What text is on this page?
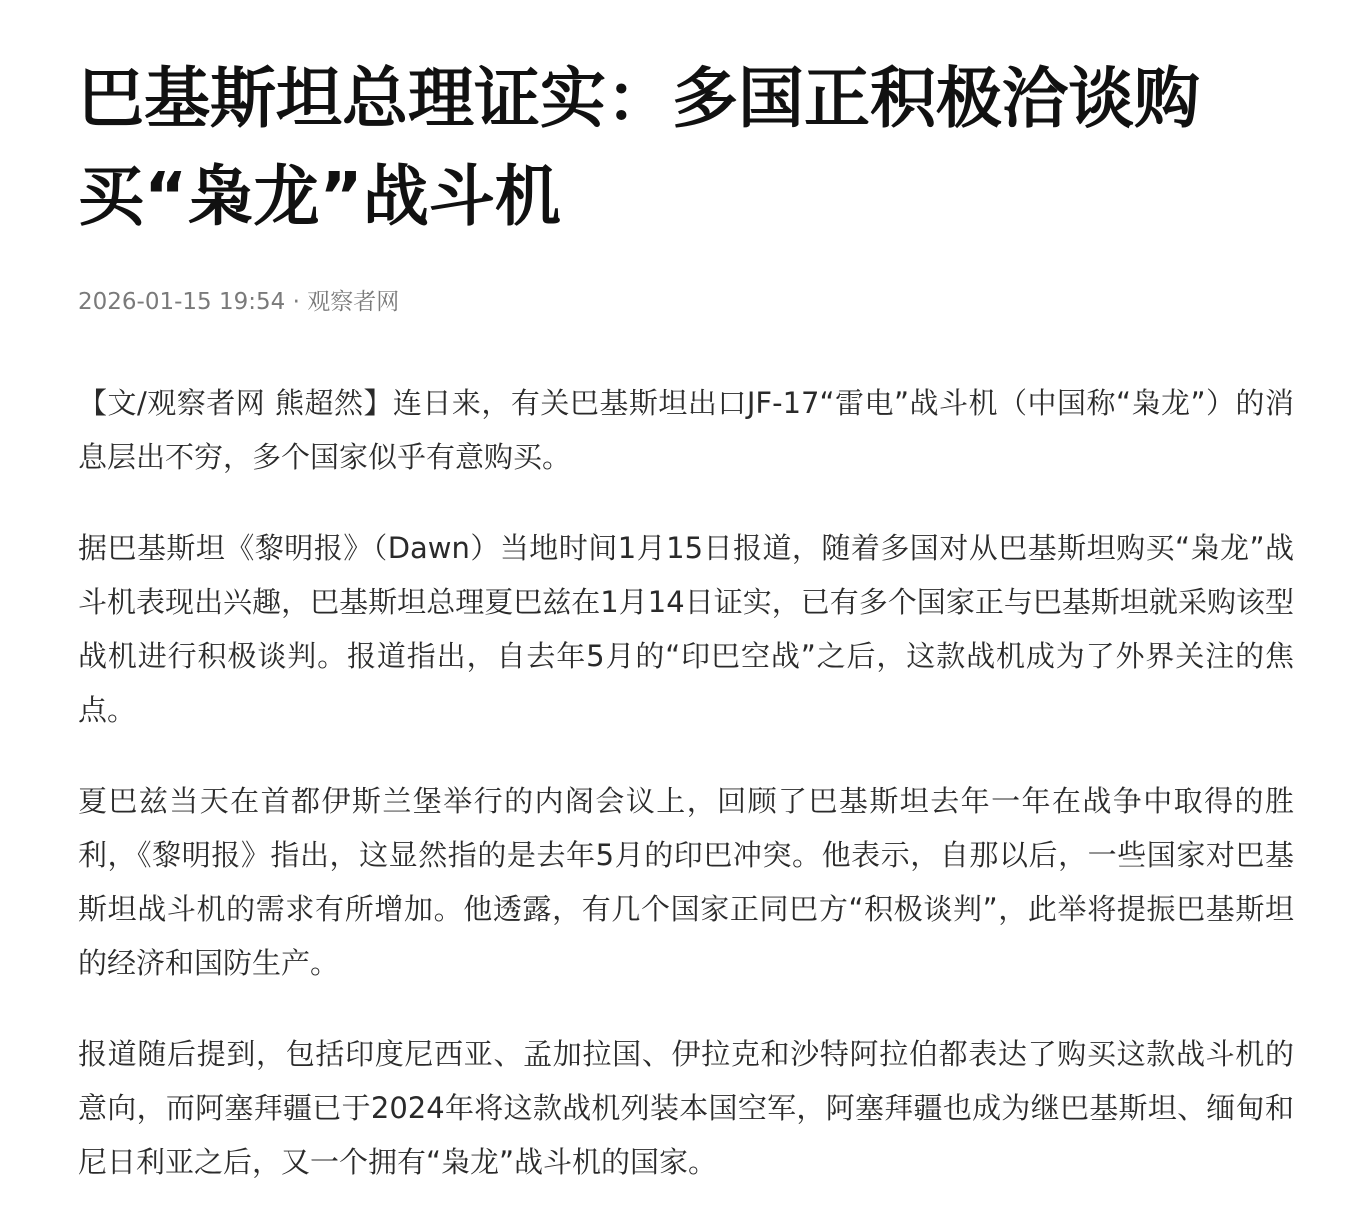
巴基斯坦总理证实：多国正积极洽谈购买“枭龙”战斗机
2026-01-15 19:54 · 观察者网

【文/观察者网 熊超然】连日来，有关巴基斯坦出口JF-17“雷电”战斗机（中国称“枭龙”）的消息层出不穷，多个国家似乎有意购买。

据巴基斯坦《黎明报》（Dawn）当地时间1月15日报道，随着多国对从巴基斯坦购买“枭龙”战斗机表现出兴趣，巴基斯坦总理夏巴兹在1月14日证实，已有多个国家正与巴基斯坦就采购该型战机进行积极谈判。报道指出，自去年5月的“印巴空战”之后，这款战机成为了外界关注的焦点。

夏巴兹当天在首都伊斯兰堡举行的内阁会议上，回顾了巴基斯坦去年一年在战争中取得的胜利，《黎明报》指出，这显然指的是去年5月的印巴冲突。他表示，自那以后，一些国家对巴基斯坦战斗机的需求有所增加。他透露，有几个国家正同巴方“积极谈判”，此举将提振巴基斯坦的经济和国防生产。

报道随后提到，包括印度尼西亚、孟加拉国、伊拉克和沙特阿拉伯都表达了购买这款战斗机的意向，而阿塞拜疆已于2024年将这款战机列装本国空军，阿塞拜疆也成为继巴基斯坦、缅甸和尼日利亚之后，又一个拥有“枭龙”战斗机的国家。
